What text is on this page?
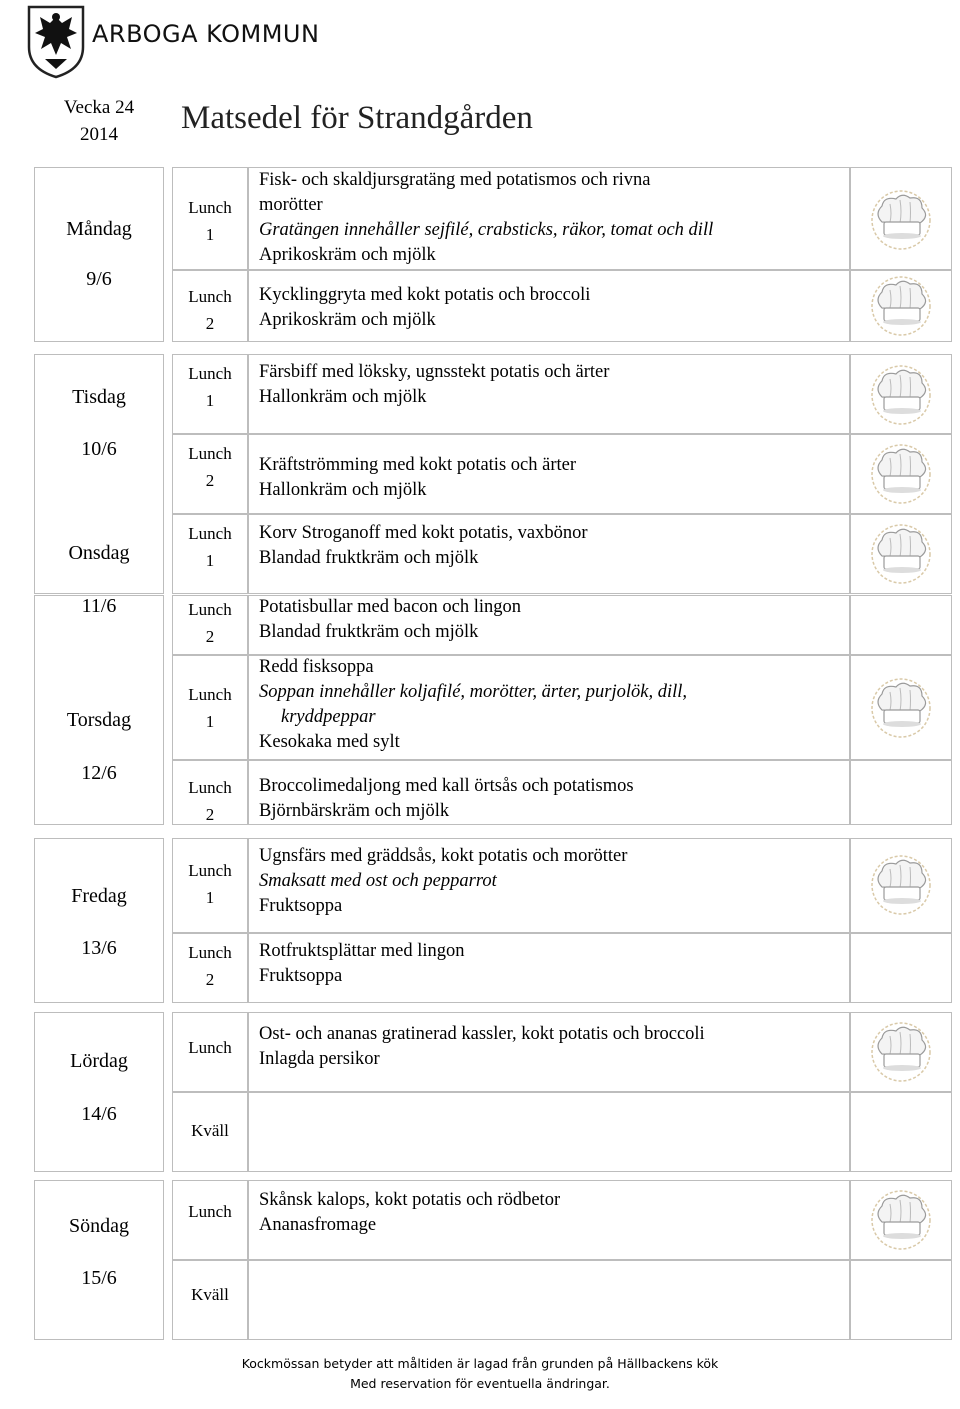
ARBOGA KOMMUN
Vecka 24
2014	Matsedel för Strandgården
Måndag
9/6
Tisdag
10/6
Onsdag
11/6
Torsdag
12/6
Fredag
13/6
Lördag
14/6
Söndag
15/6
Lunch
1
Lunch
2
Lunch
1
Lunch
2
Lunch
1
Lunch
2
Lunch
1
Lunch
2
Lunch
1
Lunch
2
Lunch
Kväll
Lunch
Kväll
Fisk- och skaldjursgratäng med potatismos och rivna
morötter
Gratängen innehåller sejfilé, crabsticks, räkor, tomat och dill
Aprikoskräm och mjölk
Kycklinggryta med kokt potatis och broccoli
Aprikoskräm och mjölk
Färsbiff med löksky, ugnsstekt potatis och ärter
Hallonkräm och mjölk
Kräftströmming med kokt potatis och ärter
Hallonkräm och mjölk
Korv Stroganoff med kokt potatis, vaxbönor
Blandad fruktkräm och mjölk
Potatisbullar med bacon och lingon
Blandad fruktkräm och mjölk
Redd fisksoppa
Soppan innehåller koljafilé, morötter, ärter, purjolök, dill,
kryddpeppar
Kesokaka med sylt
Broccolimedaljong med kall örtsås och potatismos
Björnbärskräm och mjölk
Ugnsfärs med gräddsås, kokt potatis och morötter
Smaksatt med ost och pepparrot
Fruktsoppa
Rotfruktsplättar med lingon
Fruktsoppa
Ost- och ananas gratinerad kassler, kokt potatis och broccoli
Inlagda persikor
Skånsk kalops, kokt potatis och rödbetor
Ananasfromage
Kockmössan betyder att måltiden är lagad från grunden på Hällbackens kök
Med reservation för eventuella ändringar.
